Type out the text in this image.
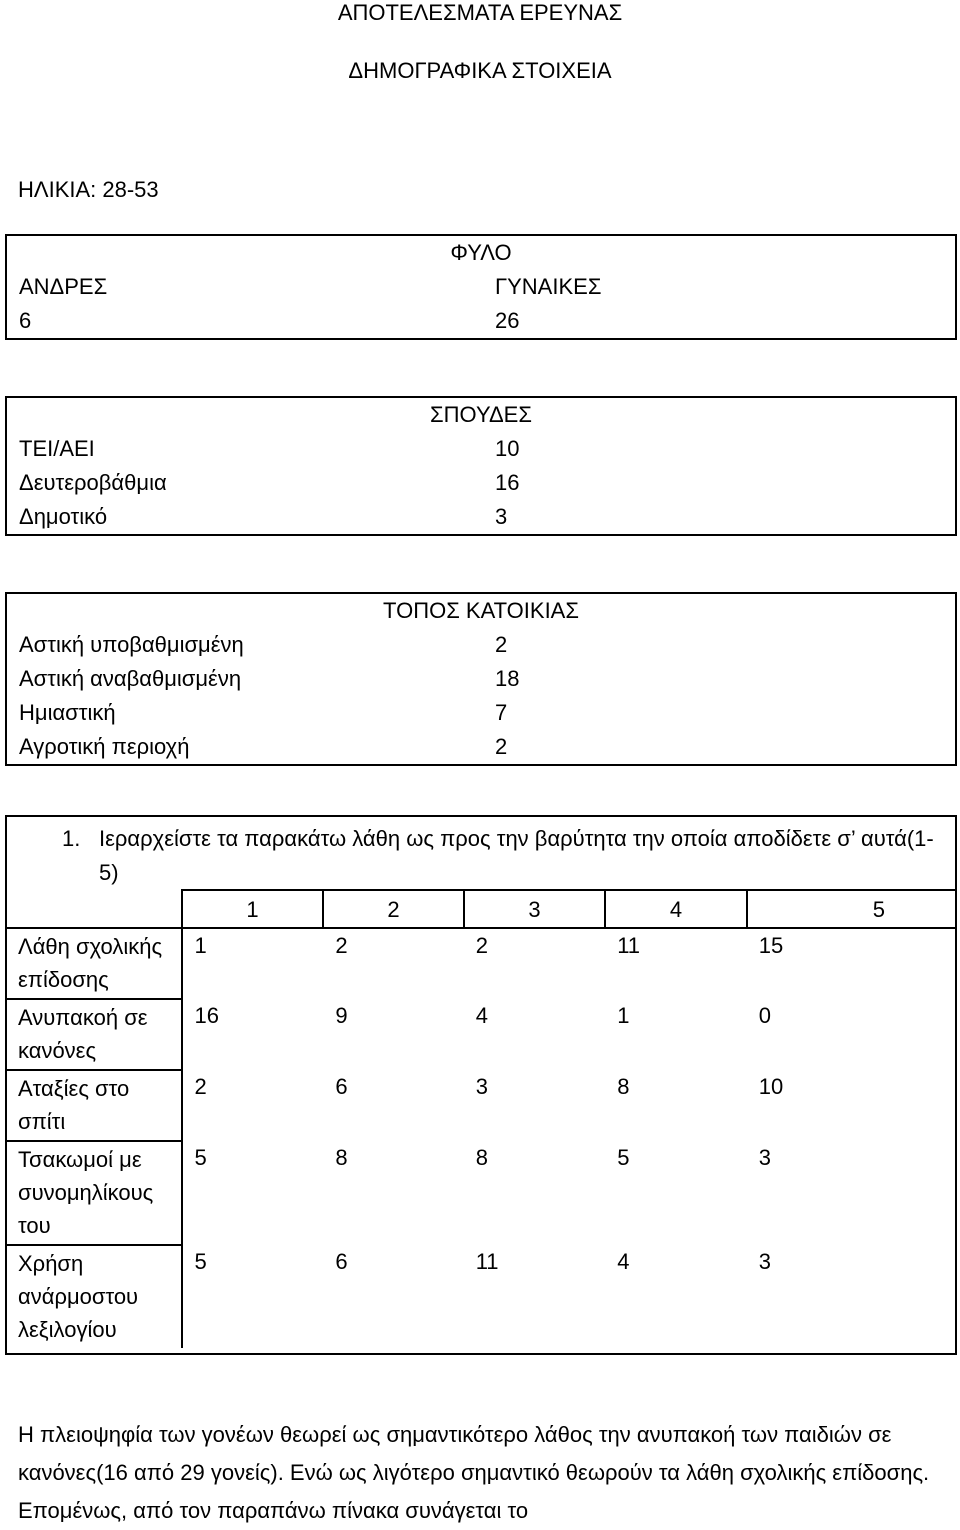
ΑΠΟΤΕΛΕΣΜΑΤΑ ΕΡΕΥΝΑΣ
ΔΗΜΟΓΡΑΦΙΚΑ ΣΤΟΙΧΕΙΑ
ΗΛΙΚΙΑ: 28-53
ΦΥΛΟ	
ΑΝΔΡΕΣ	ΓΥΝΑΙΚΕΣ
6	26
ΣΠΟΥΔΕΣ	
ΤΕΙ/ΑΕΙ	10
Δευτεροβάθμια	16
Δημοτικό	3
ΤΟΠΟΣ ΚΑΤΟΙΚΙΑΣ	
Αστική υποβαθμισμένη	2
Αστική αναβαθμισμένη	18
Ημιαστική	7
Αγροτική περιοχή	2
1. Ιεραρχείστε τα παρακάτω λάθη ως προς την βαρύτητα την οποία αποδίδετε σ’ αυτά(1-5)
	1	2	3	4	5
Λάθη σχολικής επίδοσης	1	2	2	11	15
Ανυπακοή σε κανόνες	16	9	4	1	0
Αταξίες στο σπίτι	2	6	3	8	10
Τσακωμοί με συνομηλίκους του	5	8	8	5	3
Χρήση ανάρμοστου λεξιλογίου	5	6	11	4	3
Η πλειοψηφία των γονέων θεωρεί ως σημαντικότερο λάθος την ανυπακοή των παιδιών σε κανόνες(16 από 29 γονείς). Ενώ ως λιγότερο σημαντικό θεωρούν τα λάθη σχολικής επίδοσης. Επομένως, από τον παραπάνω πίνακα συνάγεται το
